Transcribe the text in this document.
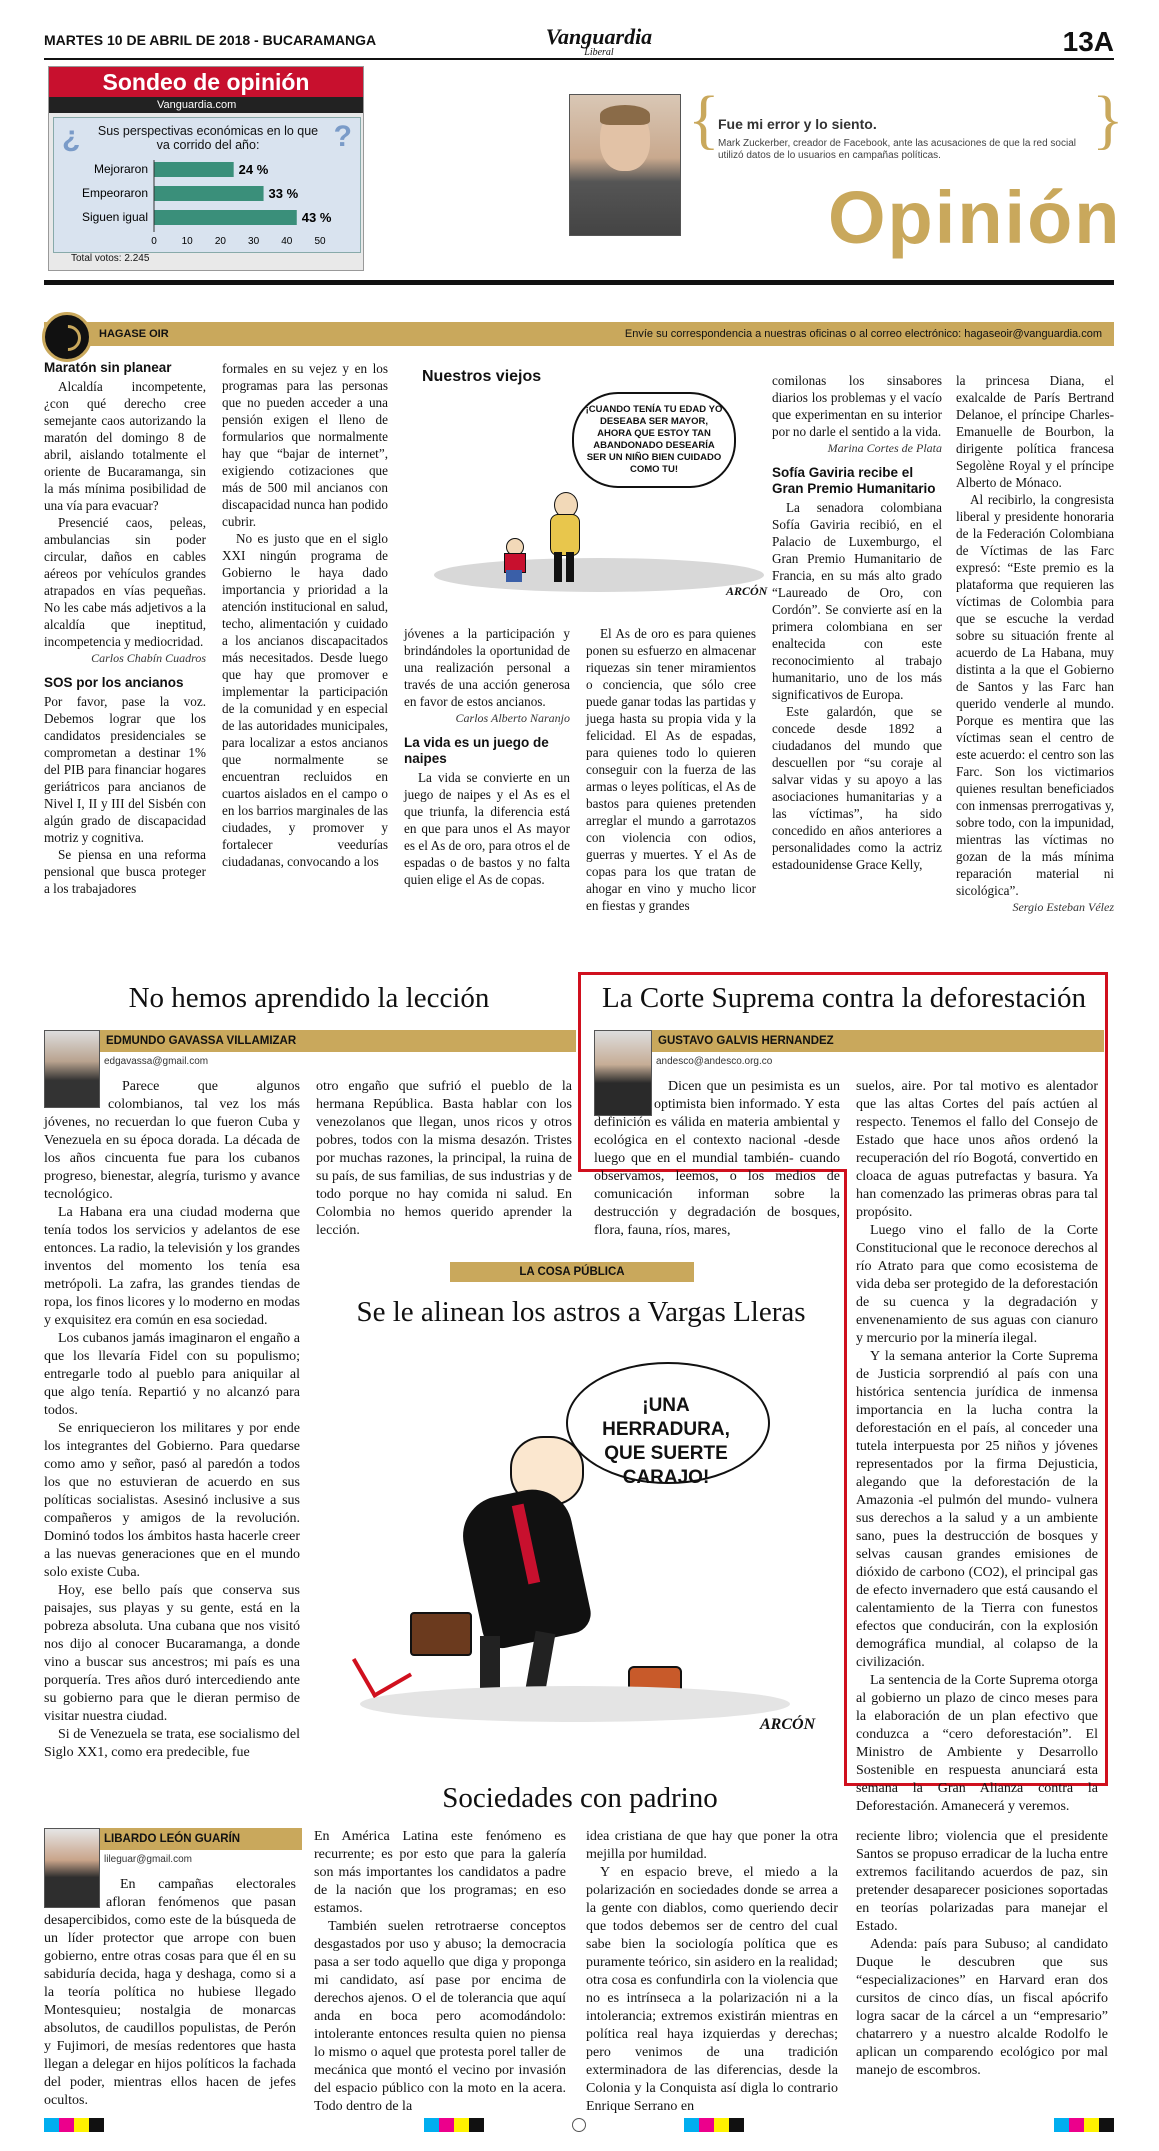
MARTES 10 DE ABRIL DE 2018 - BUCARAMANGA	Vanguardia
Liberal	13A
Sondeo de opinión
Vanguardia.com
¿	?
Sus perspectivas económicas en lo que va corrido del año:
Mejoraron	24 %
Empeoraron	33 %
Siguen igual	43 %
0 10 20 30 40 50
Total votos: 2.245
{
Fue mi error y lo siento.
Mark Zuckerber, creador de Facebook, ante las acusaciones de que la red social utilizó datos de lo usuarios en campañas políticas.	}
Opinión
HAGASE OIR	Envíe su correspondencia a nuestras oficinas o al correo electrónico: hagaseoir@vanguardia.com
Maratón sin planear

Alcaldía incompetente, ¿con qué derecho cree semejante caos autorizando la maratón del domingo 8 de abril, aislando totalmente el oriente de Bucaramanga, sin la más mínima posibilidad de una vía para evacuar?

Presencié caos, peleas, ambulancias sin poder circular, daños en cables aéreos por vehículos grandes atrapados en vías pequeñas. No les cabe más adjetivos a la alcaldía que ineptitud, incompetencia y mediocridad.

Carlos Chabín Cuadros

SOS por los ancianos

Por favor, pase la voz. Debemos lograr que los candidatos presidenciales se comprometan a destinar 1% del PIB para financiar hogares geriátricos para ancianos de Nivel I, II y III del Sisbén con algún grado de discapacidad motriz y cognitiva.

Se piensa en una reforma pensional que busca proteger a los trabajadores

formales en su vejez y en los programas para las personas que no pueden acceder a una pensión exigen el lleno de formularios que normalmente hay que “bajar de internet”, exigiendo cotizaciones que más de 500 mil ancianos con discapacidad nunca han podido cubrir.

No es justo que en el siglo XXI ningún programa de Gobierno le haya dado importancia y prioridad a la atención institucional en salud, techo, alimentación y cuidado a los ancianos discapacitados más necesitados. Desde luego que hay que promover e implementar la participación de la comunidad y en especial de las autoridades municipales, para localizar a estos ancianos que normalmente se encuentran recluidos en cuartos aislados en el campo o en los barrios marginales de las ciudades, y promover y fortalecer veedurías ciudadanas, convocando a los

Nuestros viejos
¡CUANDO TENÍA TU EDAD YO DESEABA SER MAYOR, AHORA QUE ESTOY TAN ABANDONADO DESEARÍA SER UN NIÑO BIEN CUIDADO COMO TU!
ARCÓN

jóvenes a la participación y brindándoles la oportunidad de una realización personal a través de una acción generosa en favor de estos ancianos.

Carlos Alberto Naranjo

La vida es un juego de naipes

La vida se convierte en un juego de naipes y el As es el que triunfa, la diferencia está en que para unos el As mayor es el As de oro, para otros el de espadas o de bastos y no falta quien elige el As de copas.

El As de oro es para quienes ponen su esfuerzo en almacenar riquezas sin tener miramientos o conciencia, que sólo cree puede ganar todas las partidas y juega hasta su propia vida y la felicidad. El As de espadas, para quienes todo lo quieren conseguir con la fuerza de las armas o leyes políticas, el As de bastos para quienes pretenden arreglar el mundo a garrotazos con violencia con odios, guerras y muertes. Y el As de copas para los que tratan de ahogar en vino y mucho licor en fiestas y grandes

comilonas los sinsabores diarios los problemas y el vacío que experimentan en su interior por no darle el sentido a la vida.

Marina Cortes de Plata

Sofía Gaviria recibe el Gran Premio Humanitario

La senadora colombiana Sofía Gaviria recibió, en el Palacio de Luxemburgo, el Gran Premio Humanitario de Francia, en su más alto grado “Laureado de Oro, con Cordón”. Se convierte así en la primera colombiana en ser enaltecida con este reconocimiento al trabajo humanitario, uno de los más significativos de Europa.

Este galardón, que se concede desde 1892 a ciudadanos del mundo que descuellen por “su coraje al salvar vidas y su apoyo a las asociaciones humanitarias y a las víctimas”, ha sido concedido en años anteriores a personalidades como la actriz estadounidense Grace Kelly,

la princesa Diana, el exalcalde de París Bertrand Delanoe, el príncipe Charles-Emanuelle de Bourbon, la dirigente política francesa Segolène Royal y el príncipe Alberto de Mónaco.

Al recibirlo, la congresista liberal y presidente honoraria de la Federación Colombiana de Víctimas de las Farc expresó: “Este premio es la plataforma que requieren las víctimas de Colombia para que se escuche la verdad sobre su situación frente al acuerdo de La Habana, muy distinta a la que el Gobierno de Santos y las Farc han querido venderle al mundo. Porque es mentira que las víctimas sean el centro de este acuerdo: el centro son las Farc. Son los victimarios quienes resultan beneficiados con inmensas prerrogativas y, sobre todo, con la impunidad, mientras las víctimas no gozan de la más mínima reparación material ni sicológica”.

Sergio Esteban Vélez

No hemos aprendido la lección
EDMUNDO GAVASSA VILLAMIZAR
edgavassa@gmail.com

Parece que algunos colombianos, tal vez los más jóvenes, no recuerdan lo que fueron Cuba y Venezuela en su época dorada. La década de los años cincuenta fue para los cubanos progreso, bienestar, alegría, turismo y avance tecnológico.

La Habana era una ciudad moderna que tenía todos los servicios y adelantos de ese entonces. La radio, la televisión y los grandes inventos del momento los tenía esa metrópoli. La zafra, las grandes tiendas de ropa, los finos licores y lo moderno en modas y exquisitez era común en esa sociedad.

Los cubanos jamás imaginaron el engaño a que los llevaría Fidel con su populismo; entregarle todo al pueblo para aniquilar al que algo tenía. Repartió y no alcanzó para todos.

Se enriquecieron los militares y por ende los integrantes del Gobierno. Para quedarse como amo y señor, pasó al paredón a todos los que no estuvieran de acuerdo en sus políticas socialistas. Asesinó inclusive a sus compañeros y amigos de la revolución. Dominó todos los ámbitos hasta hacerle creer a las nuevas generaciones que en el mundo solo existe Cuba.

Hoy, ese bello país que conserva sus paisajes, sus playas y su gente, está en la pobreza absoluta. Una cubana que nos visitó nos dijo al conocer Bucaramanga, a donde vino a buscar sus ancestros; mi país es una porquería. Tres años duró intercediendo ante su gobierno para que le dieran permiso de visitar nuestra ciudad.

Si de Venezuela se trata, ese socialismo del Siglo XX1, como era predecible, fue

otro engaño que sufrió el pueblo de la hermana República. Basta hablar con los venezolanos que llegan, unos ricos y otros pobres, todos con la misma desazón. Tristes por muchas razones, la principal, la ruina de su país, de sus familias, de sus industrias y de todo porque no hay comida ni salud. En Colombia no hemos querido aprender la lección.

La Corte Suprema contra la deforestación
GUSTAVO GALVIS HERNANDEZ
andesco@andesco.org.co

Dicen que un pesimista es un optimista bien informado. Y esta definición es válida en materia ambiental y ecológica en el contexto nacional -desde luego que en el mundial también- cuando observamos, leemos, o los medios de comunicación informan sobre la destrucción y degradación de bosques, flora, fauna, ríos, mares,

suelos, aire. Por tal motivo es alentador que las altas Cortes del país actúen al respecto. Tenemos el fallo del Consejo de Estado que hace unos años ordenó la recuperación del río Bogotá, convertido en cloaca de aguas putrefactas y basura. Ya han comenzado las primeras obras para tal propósito.

Luego vino el fallo de la Corte Constitucional que le reconoce derechos al río Atrato para que como ecosistema de vida deba ser protegido de la deforestación de su cuenca y la degradación y envenenamiento de sus aguas con cianuro y mercurio por la minería ilegal.

Y la semana anterior la Corte Suprema de Justicia sorprendió al país con una histórica sentencia jurídica de inmensa importancia en la lucha contra la deforestación en el país, al conceder una tutela interpuesta por 25 niños y jóvenes representados por la firma Dejusticia, alegando que la deforestación de la Amazonia -el pulmón del mundo- vulnera sus derechos a la salud y a un ambiente sano, pues la destrucción de bosques y selvas causan grandes emisiones de dióxido de carbono (CO2), el principal gas de efecto invernadero que está causando el calentamiento de la Tierra con funestos efectos que conducirán, con la explosión demográfica mundial, al colapso de la civilización.

La sentencia de la Corte Suprema otorga al gobierno un plazo de cinco meses para la elaboración de un plan efectivo que conduzca a “cero deforestación”. El Ministro de Ambiente y Desarrollo Sostenible en respuesta anunciará esta semana la Gran Alianza contra la Deforestación. Amanecerá y veremos.

LA COSA PÚBLICA
Se le alinean los astros a Vargas Lleras
¡UNA HERRADURA, QUE SUERTE CARAJO!
ARCÓN
Sociedades con padrino
LIBARDO LEÓN GUARÍN
lileguar@gmail.com

En campañas electorales afloran fenómenos que pasan desapercibidos, como este de la búsqueda de un líder protector que arrope con buen gobierno, entre otras cosas para que él en su sabiduría decida, haga y deshaga, como si a la teoría política no hubiese llegado Montesquieu; nostalgia de monarcas absolutos, de caudillos populistas, de Perón y Fujimori, de mesías redentores que hasta llegan a delegar en hijos políticos la fachada del poder, mientras ellos hacen de jefes ocultos.

En América Latina este fenómeno es recurrente; es por esto que para la galería son más importantes los candidatos a padre de la nación que los programas; en eso estamos.

También suelen retrotraerse conceptos desgastados por uso y abuso; la democracia pasa a ser todo aquello que diga y proponga mi candidato, así pase por encima de derechos ajenos. O el de tolerancia que aquí anda en boca pero acomodándolo: intolerante entonces resulta quien no piensa lo mismo o aquel que protesta porel taller de mecánica que montó el vecino por invasión del espacio público con la moto en la acera. Todo dentro de la

idea cristiana de que hay que poner la otra mejilla por humildad.

Y en espacio breve, el miedo a la polarización en sociedades donde se arrea a la gente con diablos, como queriendo decir que todos debemos ser de centro del cual sabe bien la sociología política que es puramente teórico, sin asidero en la realidad; otra cosa es confundirla con la violencia que no es intrínseca a la polarización ni a la intolerancia; extremos existirán mientras en política real haya izquierdas y derechas; pero venimos de una tradición exterminadora de las diferencias, desde la Colonia y la Conquista así digla lo contrario Enrique Serrano en

reciente libro; violencia que el presidente Santos se propuso erradicar de la lucha entre extremos facilitando acuerdos de paz, sin pretender desaparecer posiciones soportadas en teorías polarizadas para manejar el Estado.

Adenda: país para Subuso; al candidato Duque le descubren que sus “especializaciones” en Harvard eran dos cursitos de cinco días, un fiscal apócrifo logra sacar de la cárcel a un “empresario” chatarrero y a nuestro alcalde Rodolfo le aplican un comparendo ecológico por mal manejo de escombros.
